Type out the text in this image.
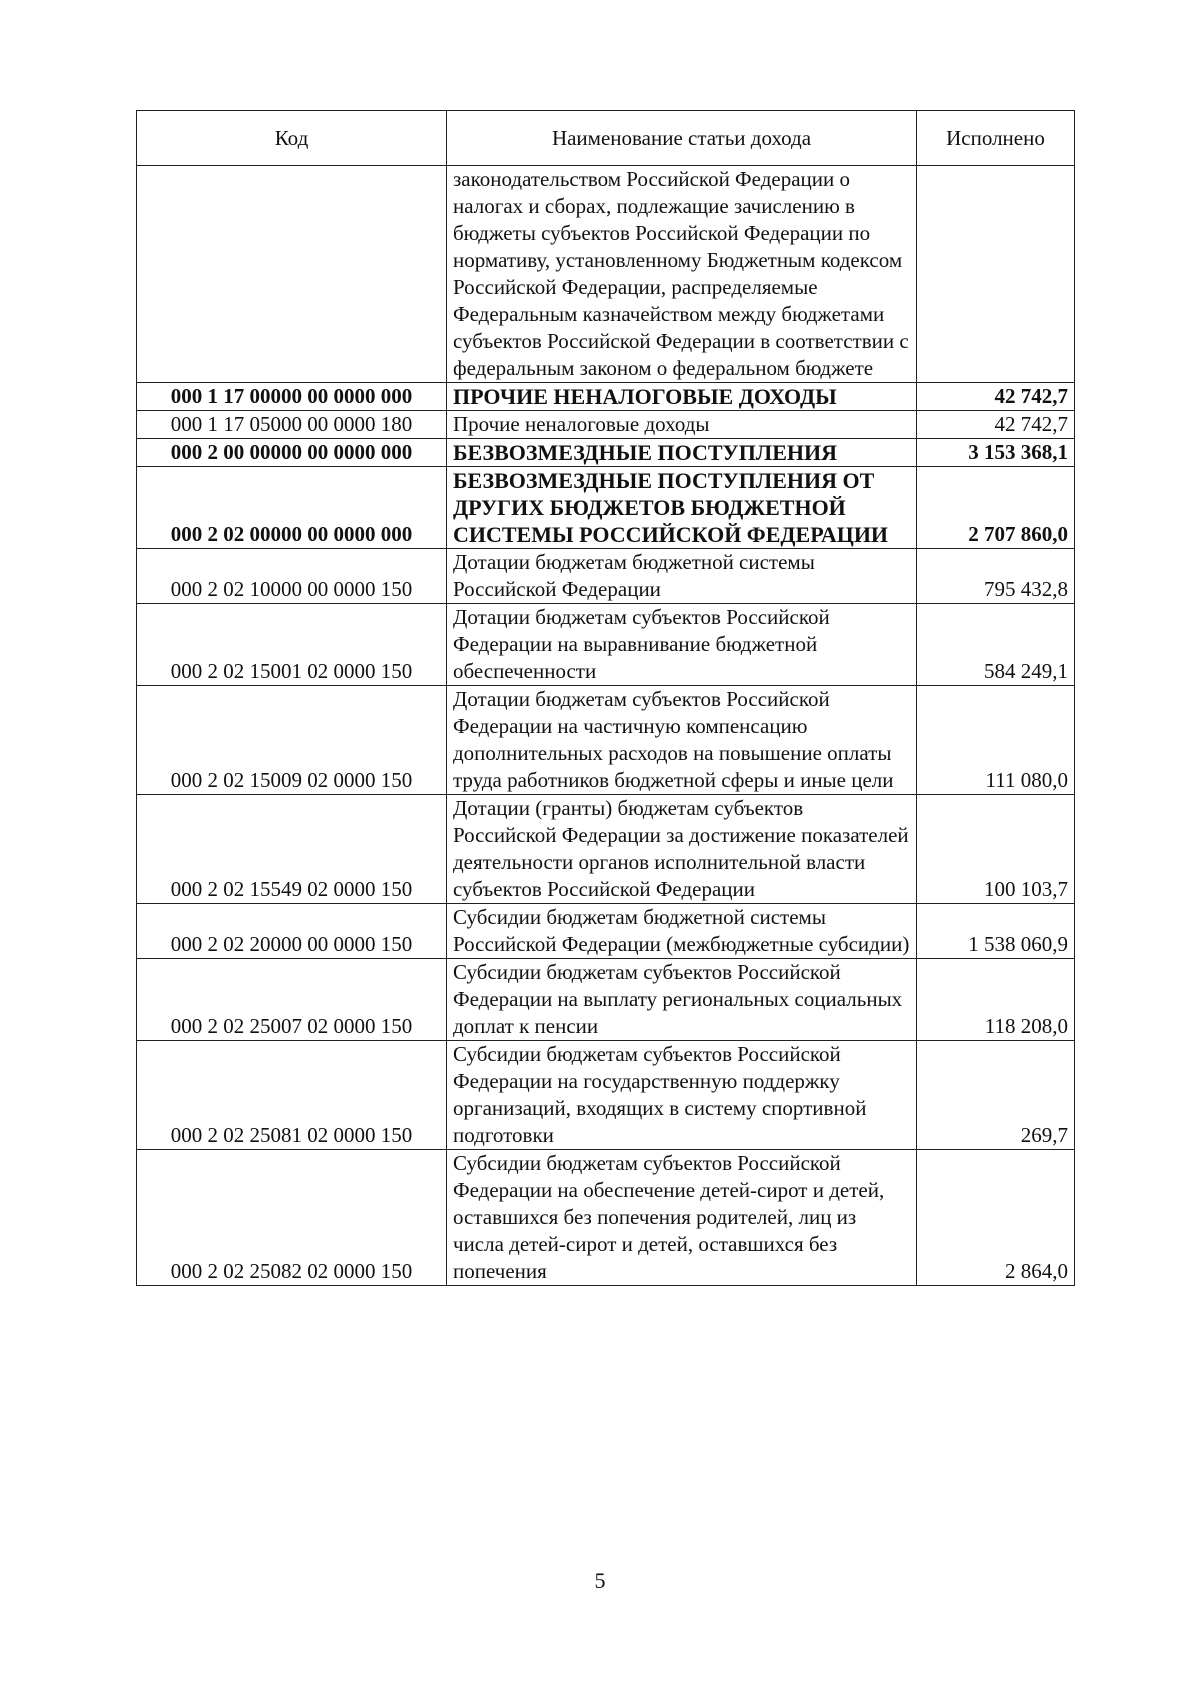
Код	Наименование статьи дохода	Исполнено
	законодательством Российской Федерации о налогах и сборах, подлежащие зачислению в бюджеты субъектов Российской Федерации по нормативу, установленному Бюджетным кодексом Российской Федерации, распределяемые Федеральным казначейством между бюджетами субъектов Российской Федерации в соответствии с федеральным законом о федеральном бюджете	
000 1 17 00000 00 0000 000	ПРОЧИЕ НЕНАЛОГОВЫЕ ДОХОДЫ	42 742,7
000 1 17 05000 00 0000 180	Прочие неналоговые доходы	42 742,7
000 2 00 00000 00 0000 000	БЕЗВОЗМЕЗДНЫЕ ПОСТУПЛЕНИЯ	3 153 368,1
000 2 02 00000 00 0000 000	БЕЗВОЗМЕЗДНЫЕ ПОСТУПЛЕНИЯ ОТ ДРУГИХ БЮДЖЕТОВ БЮДЖЕТНОЙ СИСТЕМЫ РОССИЙСКОЙ ФЕДЕРАЦИИ	2 707 860,0
000 2 02 10000 00 0000 150	Дотации бюджетам бюджетной системы Российской Федерации	795 432,8
000 2 02 15001 02 0000 150	Дотации бюджетам субъектов Российской Федерации на выравнивание бюджетной обеспеченности	584 249,1
000 2 02 15009 02 0000 150	Дотации бюджетам субъектов Российской Федерации на частичную компенсацию дополнительных расходов на повышение оплаты труда работников бюджетной сферы и иные цели	111 080,0
000 2 02 15549 02 0000 150	Дотации (гранты) бюджетам субъектов Российской Федерации за достижение показателей деятельности органов исполнительной власти субъектов Российской Федерации	100 103,7
000 2 02 20000 00 0000 150	Субсидии бюджетам бюджетной системы Российской Федерации (межбюджетные субсидии)	1 538 060,9
000 2 02 25007 02 0000 150	Субсидии бюджетам субъектов Российской Федерации на выплату региональных социальных доплат к пенсии	118 208,0
000 2 02 25081 02 0000 150	Субсидии бюджетам субъектов Российской Федерации на государственную поддержку организаций, входящих в систему спортивной подготовки	269,7
000 2 02 25082 02 0000 150	Субсидии бюджетам субъектов Российской Федерации на обеспечение детей-сирот и детей, оставшихся без попечения родителей, лиц из числа детей-сирот и детей, оставшихся без попечения	2 864,0
5
